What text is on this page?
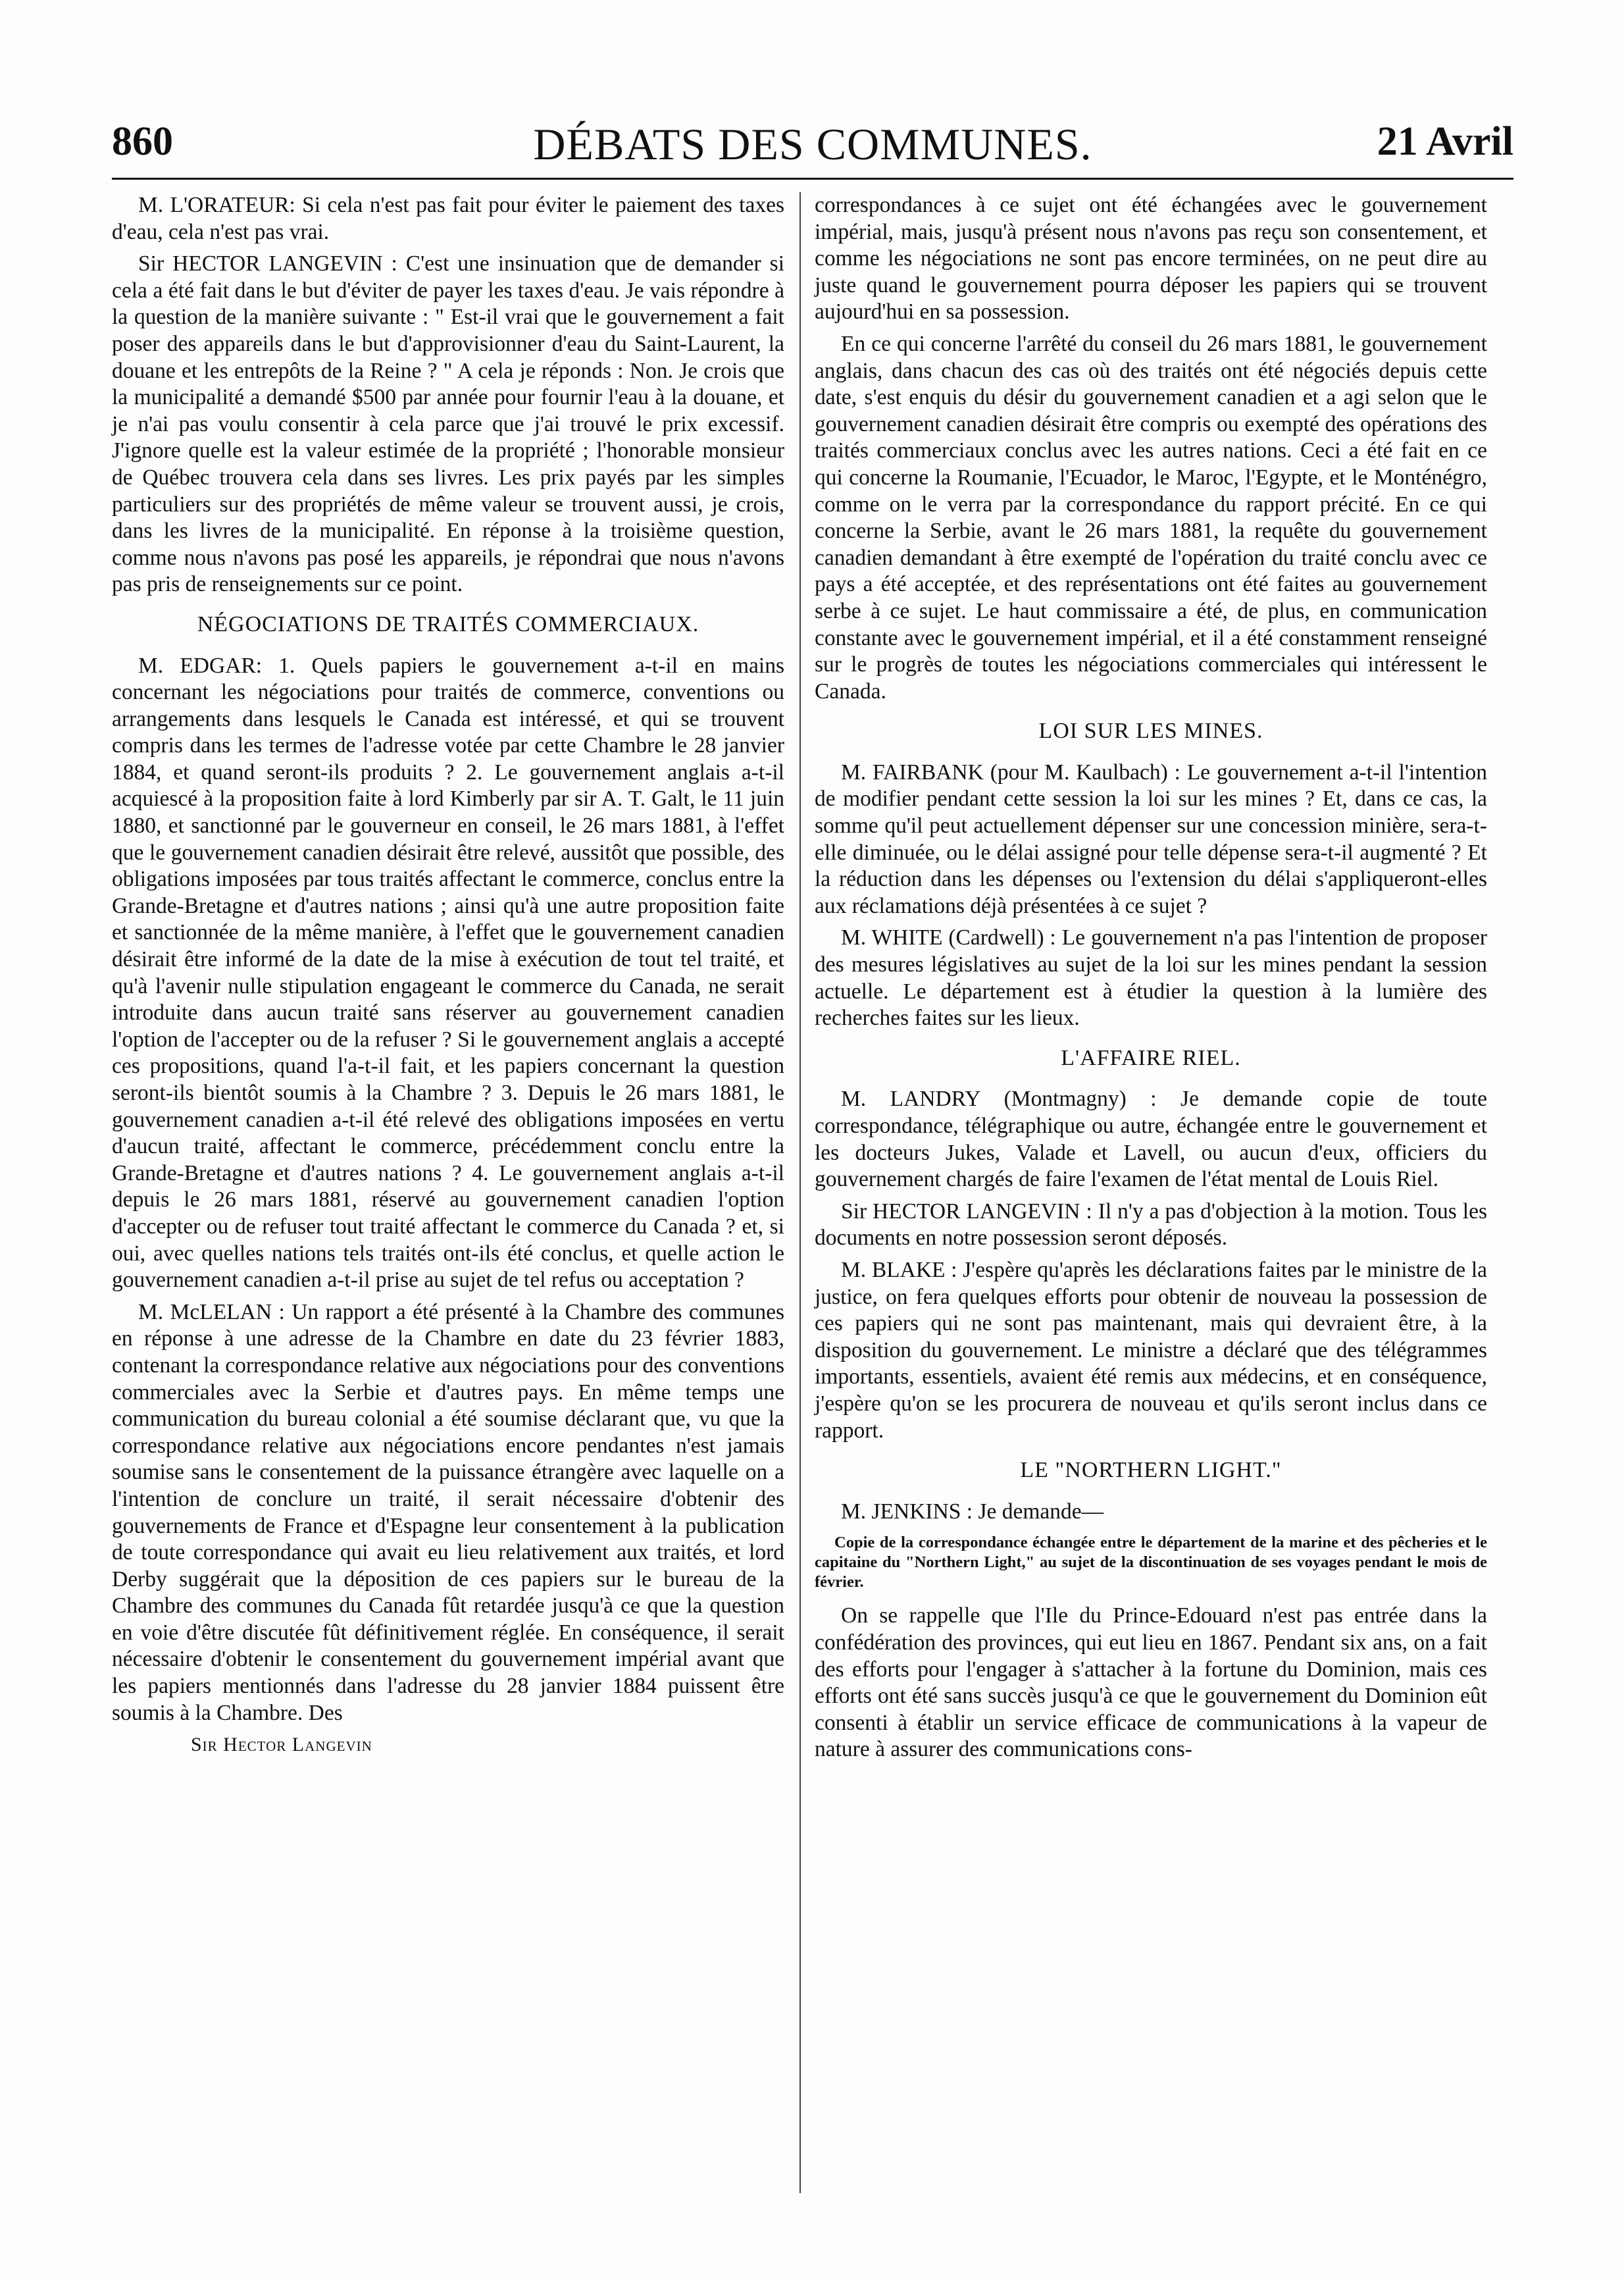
860	DÉBATS DES COMMUNES.	21 Avril

M. L'ORATEUR: Si cela n'est pas fait pour éviter le paiement des taxes d'eau, cela n'est pas vrai.

Sir HECTOR LANGEVIN : C'est une insinuation que de demander si cela a été fait dans le but d'éviter de payer les taxes d'eau. Je vais répondre à la question de la manière suivante : " Est-il vrai que le gouvernement a fait poser des appareils dans le but d'approvisionner d'eau du Saint-Laurent, la douane et les entrepôts de la Reine ? " A cela je réponds : Non. Je crois que la municipalité a demandé $500 par année pour fournir l'eau à la douane, et je n'ai pas voulu consentir à cela parce que j'ai trouvé le prix excessif. J'ignore quelle est la valeur estimée de la propriété ; l'honorable monsieur de Québec trouvera cela dans ses livres. Les prix payés par les simples particuliers sur des propriétés de même valeur se trouvent aussi, je crois, dans les livres de la municipalité. En réponse à la troisième question, comme nous n'avons pas posé les appareils, je répondrai que nous n'avons pas pris de renseignements sur ce point.

NÉGOCIATIONS DE TRAITÉS COMMERCIAUX.

M. EDGAR: 1. Quels papiers le gouvernement a-t-il en mains concernant les négociations pour traités de commerce, conventions ou arrangements dans lesquels le Canada est intéressé, et qui se trouvent compris dans les termes de l'adresse votée par cette Chambre le 28 janvier 1884, et quand seront-ils produits ? 2. Le gouvernement anglais a-t-il acquiescé à la proposition faite à lord Kimberly par sir A. T. Galt, le 11 juin 1880, et sanctionné par le gouverneur en conseil, le 26 mars 1881, à l'effet que le gouvernement canadien désirait être relevé, aussitôt que possible, des obligations imposées par tous traités affectant le commerce, conclus entre la Grande-Bretagne et d'autres nations ; ainsi qu'à une autre proposition faite et sanctionnée de la même manière, à l'effet que le gouvernement canadien désirait être informé de la date de la mise à exécution de tout tel traité, et qu'à l'avenir nulle stipulation engageant le commerce du Canada, ne serait introduite dans aucun traité sans réserver au gouvernement canadien l'option de l'accepter ou de la refuser ? Si le gouvernement anglais a accepté ces propositions, quand l'a-t-il fait, et les papiers concernant la question seront-ils bientôt soumis à la Chambre ? 3. Depuis le 26 mars 1881, le gouvernement canadien a-t-il été relevé des obligations imposées en vertu d'aucun traité, affectant le commerce, précédemment conclu entre la Grande-Bretagne et d'autres nations ? 4. Le gouvernement anglais a-t-il depuis le 26 mars 1881, réservé au gouvernement canadien l'option d'accepter ou de refuser tout traité affectant le commerce du Canada ? et, si oui, avec quelles nations tels traités ont-ils été conclus, et quelle action le gouvernement canadien a-t-il prise au sujet de tel refus ou acceptation ?

M. McLELAN : Un rapport a été présenté à la Chambre des communes en réponse à une adresse de la Chambre en date du 23 février 1883, contenant la correspondance relative aux négociations pour des conventions commerciales avec la Serbie et d'autres pays. En même temps une communication du bureau colonial a été soumise déclarant que, vu que la correspondance relative aux négociations encore pendantes n'est jamais soumise sans le consentement de la puissance étrangère avec laquelle on a l'intention de conclure un traité, il serait nécessaire d'obtenir des gouvernements de France et d'Espagne leur consentement à la publication de toute correspondance qui avait eu lieu relativement aux traités, et lord Derby suggérait que la déposition de ces papiers sur le bureau de la Chambre des communes du Canada fût retardée jusqu'à ce que la question en voie d'être discutée fût définitivement réglée. En conséquence, il serait nécessaire d'obtenir le consentement du gouvernement impérial avant que les papiers mentionnés dans l'adresse du 28 janvier 1884 puissent être soumis à la Chambre. Des

Sir Hector Langevin

correspondances à ce sujet ont été échangées avec le gouvernement impérial, mais, jusqu'à présent nous n'avons pas reçu son consentement, et comme les négociations ne sont pas encore terminées, on ne peut dire au juste quand le gouvernement pourra déposer les papiers qui se trouvent aujourd'hui en sa possession.

En ce qui concerne l'arrêté du conseil du 26 mars 1881, le gouvernement anglais, dans chacun des cas où des traités ont été négociés depuis cette date, s'est enquis du désir du gouvernement canadien et a agi selon que le gouvernement canadien désirait être compris ou exempté des opérations des traités commerciaux conclus avec les autres nations. Ceci a été fait en ce qui concerne la Roumanie, l'Ecuador, le Maroc, l'Egypte, et le Monténégro, comme on le verra par la correspondance du rapport précité. En ce qui concerne la Serbie, avant le 26 mars 1881, la requête du gouvernement canadien demandant à être exempté de l'opération du traité conclu avec ce pays a été acceptée, et des représentations ont été faites au gouvernement serbe à ce sujet. Le haut commissaire a été, de plus, en communication constante avec le gouvernement impérial, et il a été constamment renseigné sur le progrès de toutes les négociations commerciales qui intéressent le Canada.

LOI SUR LES MINES.

M. FAIRBANK (pour M. Kaulbach) : Le gouvernement a-t-il l'intention de modifier pendant cette session la loi sur les mines ? Et, dans ce cas, la somme qu'il peut actuellement dépenser sur une concession minière, sera-t-elle diminuée, ou le délai assigné pour telle dépense sera-t-il augmenté ? Et la réduction dans les dépenses ou l'extension du délai s'appliqueront-elles aux réclamations déjà présentées à ce sujet ?

M. WHITE (Cardwell) : Le gouvernement n'a pas l'intention de proposer des mesures législatives au sujet de la loi sur les mines pendant la session actuelle. Le département est à étudier la question à la lumière des recherches faites sur les lieux.

L'AFFAIRE RIEL.

M. LANDRY (Montmagny) : Je demande copie de toute correspondance, télégraphique ou autre, échangée entre le gouvernement et les docteurs Jukes, Valade et Lavell, ou aucun d'eux, officiers du gouvernement chargés de faire l'examen de l'état mental de Louis Riel.

Sir HECTOR LANGEVIN : Il n'y a pas d'objection à la motion. Tous les documents en notre possession seront déposés.

M. BLAKE : J'espère qu'après les déclarations faites par le ministre de la justice, on fera quelques efforts pour obtenir de nouveau la possession de ces papiers qui ne sont pas maintenant, mais qui devraient être, à la disposition du gouvernement. Le ministre a déclaré que des télégrammes importants, essentiels, avaient été remis aux médecins, et en conséquence, j'espère qu'on se les procurera de nouveau et qu'ils seront inclus dans ce rapport.

LE "NORTHERN LIGHT."

M. JENKINS : Je demande—

Copie de la correspondance échangée entre le département de la marine et des pêcheries et le capitaine du "Northern Light," au sujet de la discontinuation de ses voyages pendant le mois de février.

On se rappelle que l'Ile du Prince-Edouard n'est pas entrée dans la confédération des provinces, qui eut lieu en 1867. Pendant six ans, on a fait des efforts pour l'engager à s'attacher à la fortune du Dominion, mais ces efforts ont été sans succès jusqu'à ce que le gouvernement du Dominion eût consenti à établir un service efficace de communications à la vapeur de nature à assurer des communications cons-
